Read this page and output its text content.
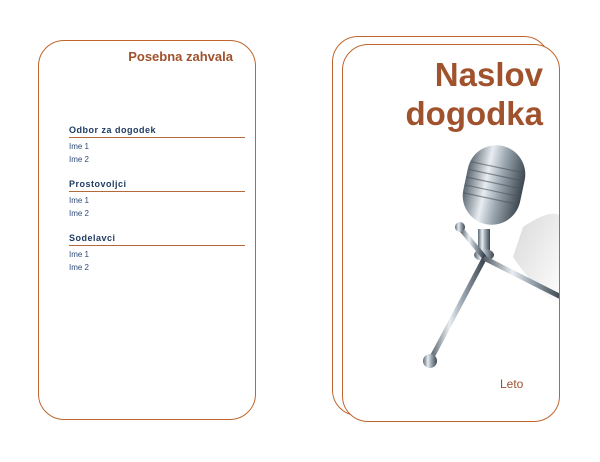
Posebna zahvala
Odbor za dogodek
Ime 1
Ime 2
Prostovoljci
Ime 1
Ime 2
Sodelavci
Ime 1
Ime 2
Naslov
dogodka
Leto
